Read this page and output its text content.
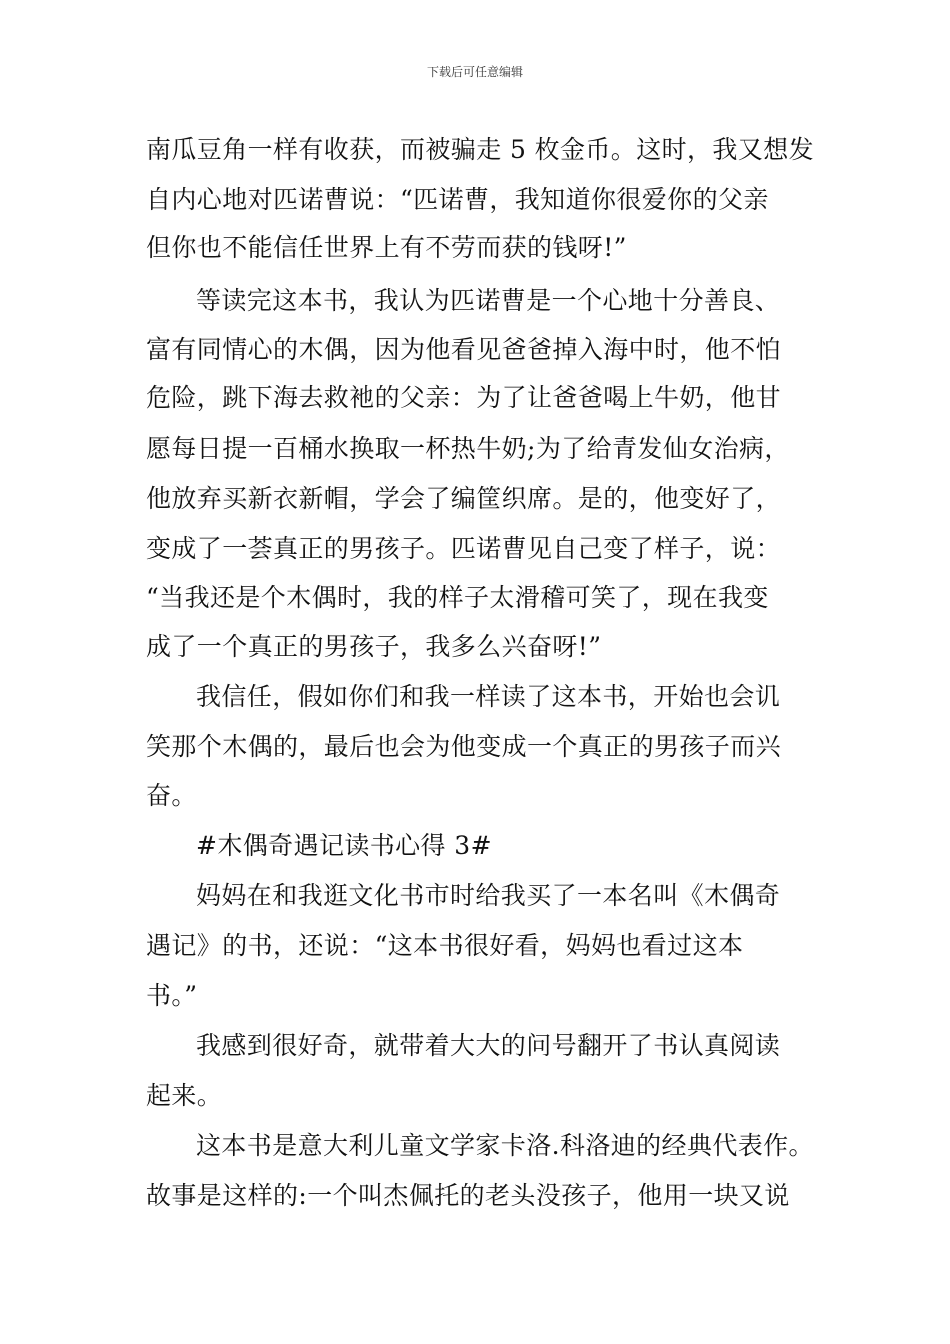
下载后可任意编辑
南瓜豆角一样有收获，而被骗走 5 枚金币。这时，我又想发
自内心地对匹诺曹说：“匹诺曹，我知道你很爱你的父亲
但你也不能信任世界上有不劳而获的钱呀!”
等读完这本书，我认为匹诺曹是一个心地十分善良、
富有同情心的木偶，因为他看见爸爸掉入海中时，他不怕
危险，跳下海去救衪的父亲：为了让爸爸喝上牛奶，他甘
愿每日提一百桶水换取一杯热牛奶;为了给青发仙女治病，
他放弃买新衣新帽，学会了编筐织席。是的，他变好了，
变成了一荟真正的男孩子。匹诺曹见自己变了样子，说：
“当我还是个木偶时，我的样子太滑稽可笑了，现在我变
成了一个真正的男孩子，我多么兴奋呀!”
我信任，假如你们和我一样读了这本书，开始也会讥
笑那个木偶的，最后也会为他变成一个真正的男孩子而兴
奋。
#木偶奇遇记读书心得 3#
妈妈在和我逛文化书市时给我买了一本名叫《木偶奇
遇记》的书，还说：“这本书很好看，妈妈也看过这本
书。”
我感到很好奇，就带着大大的问号翻开了书认真阅读
起来。
这本书是意大利儿童文学家卡洛.科洛迪的经典代表作。
故事是这样的:一个叫杰佩托的老头没孩子，他用一块又说
